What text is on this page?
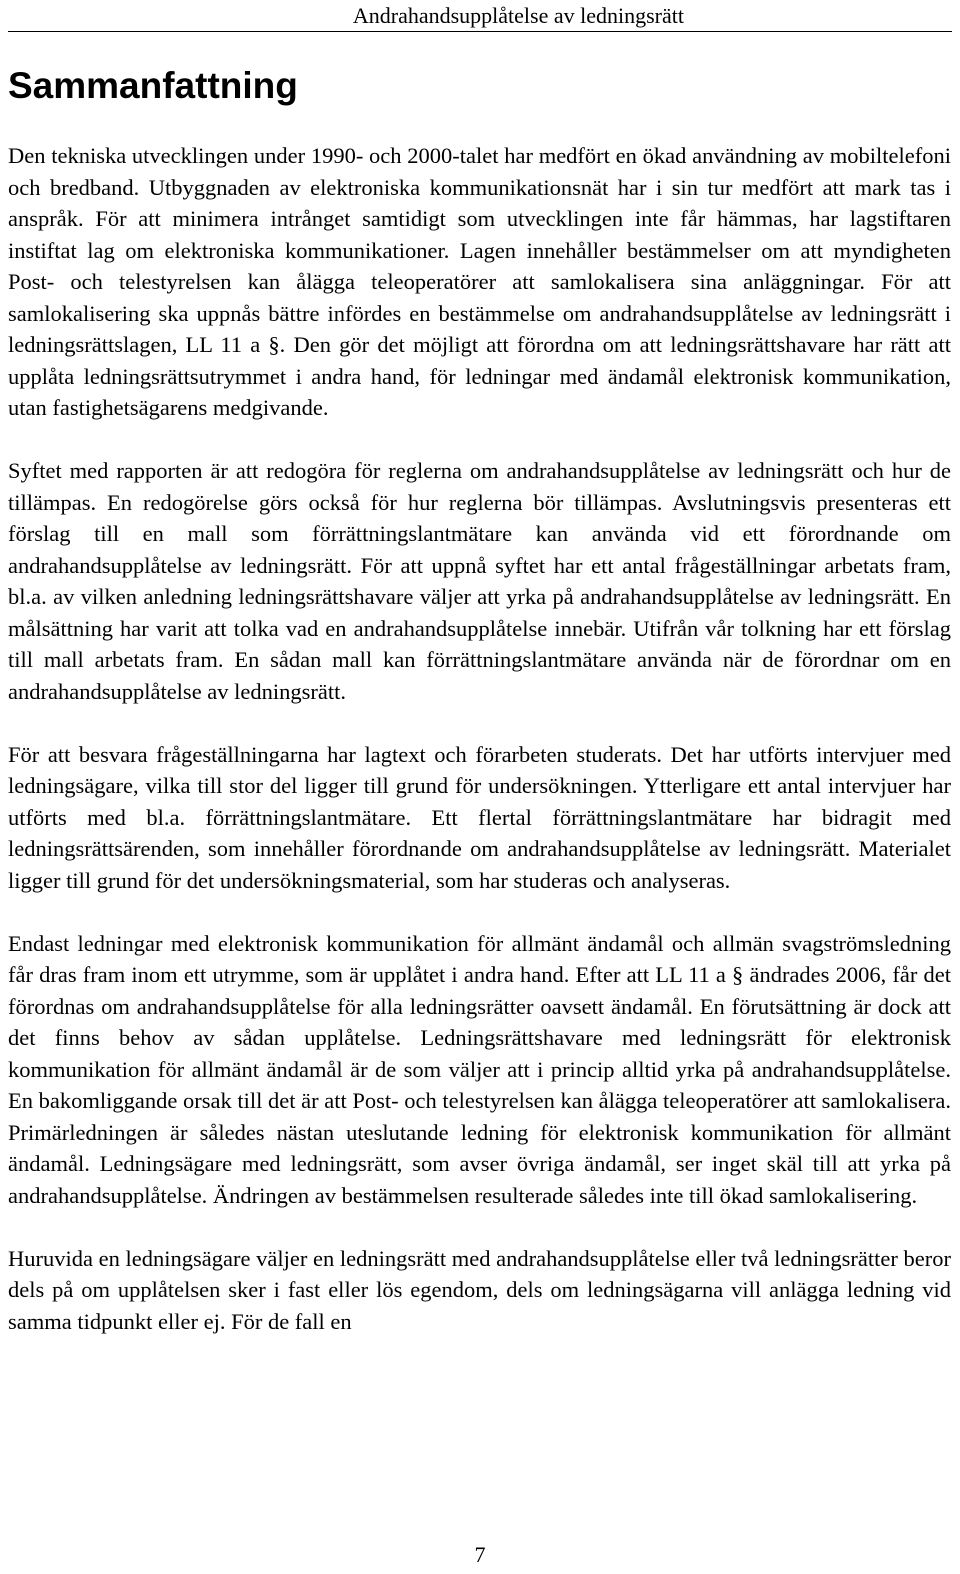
Andrahandsupplåtelse av ledningsrätt
Sammanfattning

Den tekniska utvecklingen under 1990- och 2000-talet har medfört en ökad användning av mobiltelefoni och bredband. Utbyggnaden av elektroniska kommunikationsnät har i sin tur medfört att mark tas i anspråk. För att minimera intrånget samtidigt som utvecklingen inte får hämmas, har lagstiftaren instiftat lag om elektroniska kommunikationer. Lagen innehåller bestämmelser om att myndigheten Post- och telestyrelsen kan ålägga teleoperatörer att samlokalisera sina anläggningar. För att samlokalisering ska uppnås bättre infördes en bestämmelse om andrahandsupplåtelse av ledningsrätt i ledningsrättslagen, LL 11 a §. Den gör det möjligt att förordna om att ledningsrättshavare har rätt att upplåta ledningsrättsutrymmet i andra hand, för ledningar med ändamål elektronisk kommunikation, utan fastighetsägarens medgivande.

Syftet med rapporten är att redogöra för reglerna om andrahandsupplåtelse av ledningsrätt och hur de tillämpas. En redogörelse görs också för hur reglerna bör tillämpas. Avslutningsvis presenteras ett förslag till en mall som förrättningslantmätare kan använda vid ett förordnande om andrahandsupplåtelse av ledningsrätt. För att uppnå syftet har ett antal frågeställningar arbetats fram, bl.a. av vilken anledning ledningsrättshavare väljer att yrka på andrahandsupplåtelse av ledningsrätt. En målsättning har varit att tolka vad en andrahandsupplåtelse innebär. Utifrån vår tolkning har ett förslag till mall arbetats fram. En sådan mall kan förrättningslantmätare använda när de förordnar om en andrahandsupplåtelse av ledningsrätt.

För att besvara frågeställningarna har lagtext och förarbeten studerats. Det har utförts intervjuer med ledningsägare, vilka till stor del ligger till grund för undersökningen. Ytterligare ett antal intervjuer har utförts med bl.a. förrättningslantmätare. Ett flertal förrättningslantmätare har bidragit med ledningsrättsärenden, som innehåller förordnande om andrahandsupplåtelse av ledningsrätt. Materialet ligger till grund för det undersökningsmaterial, som har studeras och analyseras.

Endast ledningar med elektronisk kommunikation för allmänt ändamål och allmän svagströmsledning får dras fram inom ett utrymme, som är upplåtet i andra hand. Efter att LL 11 a § ändrades 2006, får det förordnas om andrahandsupplåtelse för alla ledningsrätter oavsett ändamål. En förutsättning är dock att det finns behov av sådan upplåtelse. Ledningsrättshavare med ledningsrätt för elektronisk kommunikation för allmänt ändamål är de som väljer att i princip alltid yrka på andrahandsupplåtelse. En bakomliggande orsak till det är att Post- och telestyrelsen kan ålägga teleoperatörer att samlokalisera. Primärledningen är således nästan uteslutande ledning för elektronisk kommunikation för allmänt ändamål. Ledningsägare med ledningsrätt, som avser övriga ändamål, ser inget skäl till att yrka på andrahandsupplåtelse. Ändringen av bestämmelsen resulterade således inte till ökad samlokalisering.

Huruvida en ledningsägare väljer en ledningsrätt med andrahandsupplåtelse eller två ledningsrätter beror dels på om upplåtelsen sker i fast eller lös egendom, dels om ledningsägarna vill anlägga ledning vid samma tidpunkt eller ej. För de fall en

7
